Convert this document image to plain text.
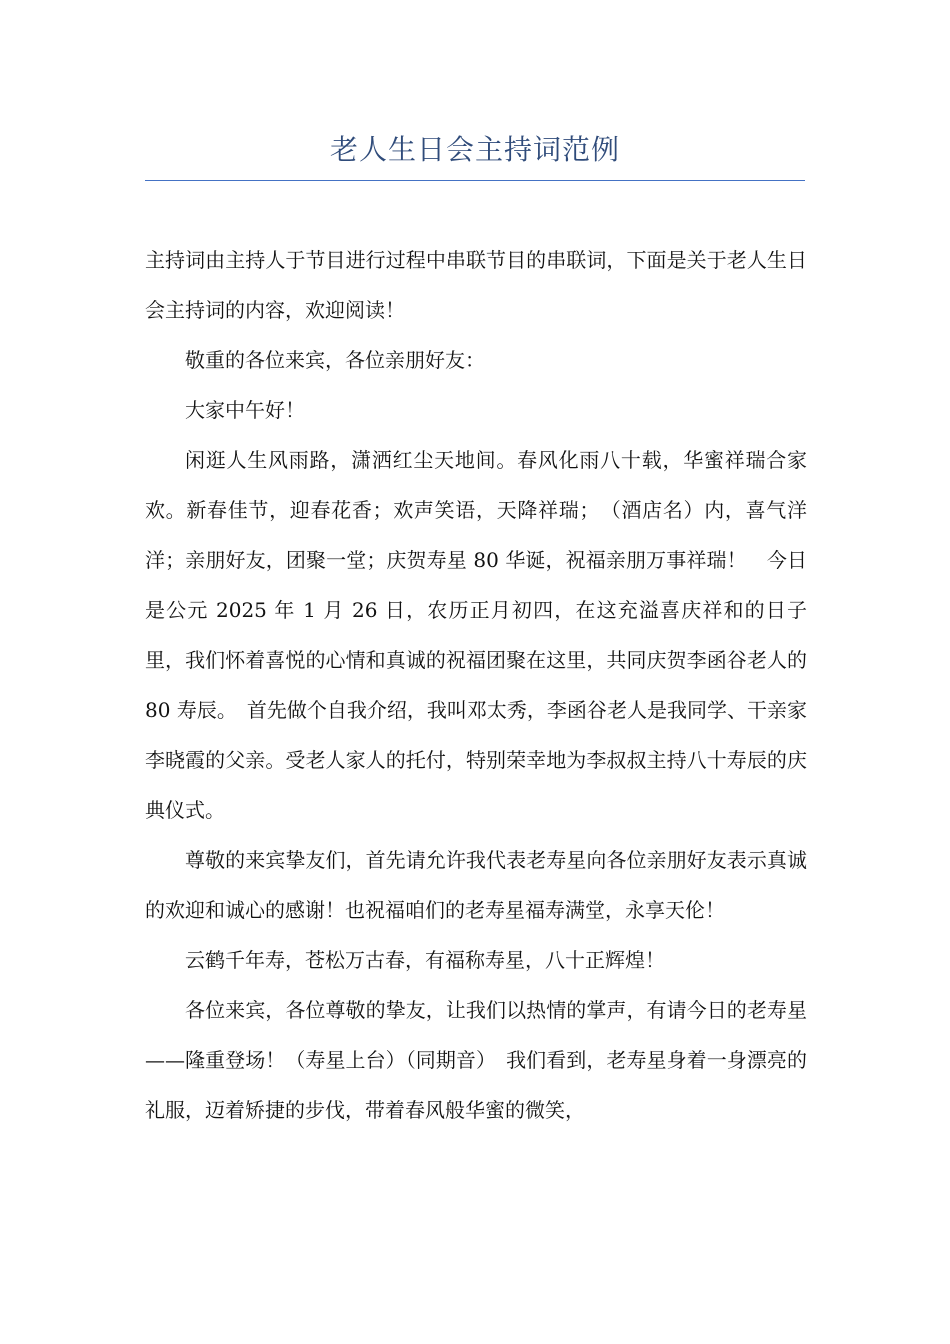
老人生日会主持词范例

主持词由主持人于节目进行过程中串联节目的串联词，下面是关于老人生日会主持词的内容，欢迎阅读！

敬重的各位来宾，各位亲朋好友：

大家中午好！

闲逛人生风雨路，潇洒红尘天地间。春风化雨八十载，华蜜祥瑞合家欢。新春佳节，迎春花香；欢声笑语，天降祥瑞；　（酒店名）内，喜气洋洋；亲朋好友，团聚一堂；庆贺寿星 80 华诞，祝福亲朋万事祥瑞！　今日是公元 2025 年 1 月 26 日，农历正月初四，在这充溢喜庆祥和的日子里，我们怀着喜悦的心情和真诚的祝福团聚在这里，共同庆贺李函谷老人的 80 寿辰。　首先做个自我介绍，我叫邓太秀，李函谷老人是我同学、干亲家李晓霞的父亲。受老人家人的托付，特别荣幸地为李叔叔主持八十寿辰的庆典仪式。

尊敬的来宾挚友们，首先请允许我代表老寿星向各位亲朋好友表示真诚的欢迎和诚心的感谢！也祝福咱们的老寿星福寿满堂，永享天伦！

云鹤千年寿，苍松万古春，有福称寿星，八十正辉煌！

各位来宾，各位尊敬的挚友，让我们以热情的掌声，有请今日的老寿星——隆重登场！（寿星上台）（同期音）　我们看到，老寿星身着一身漂亮的礼服，迈着矫捷的步伐，带着春风般华蜜的微笑，
